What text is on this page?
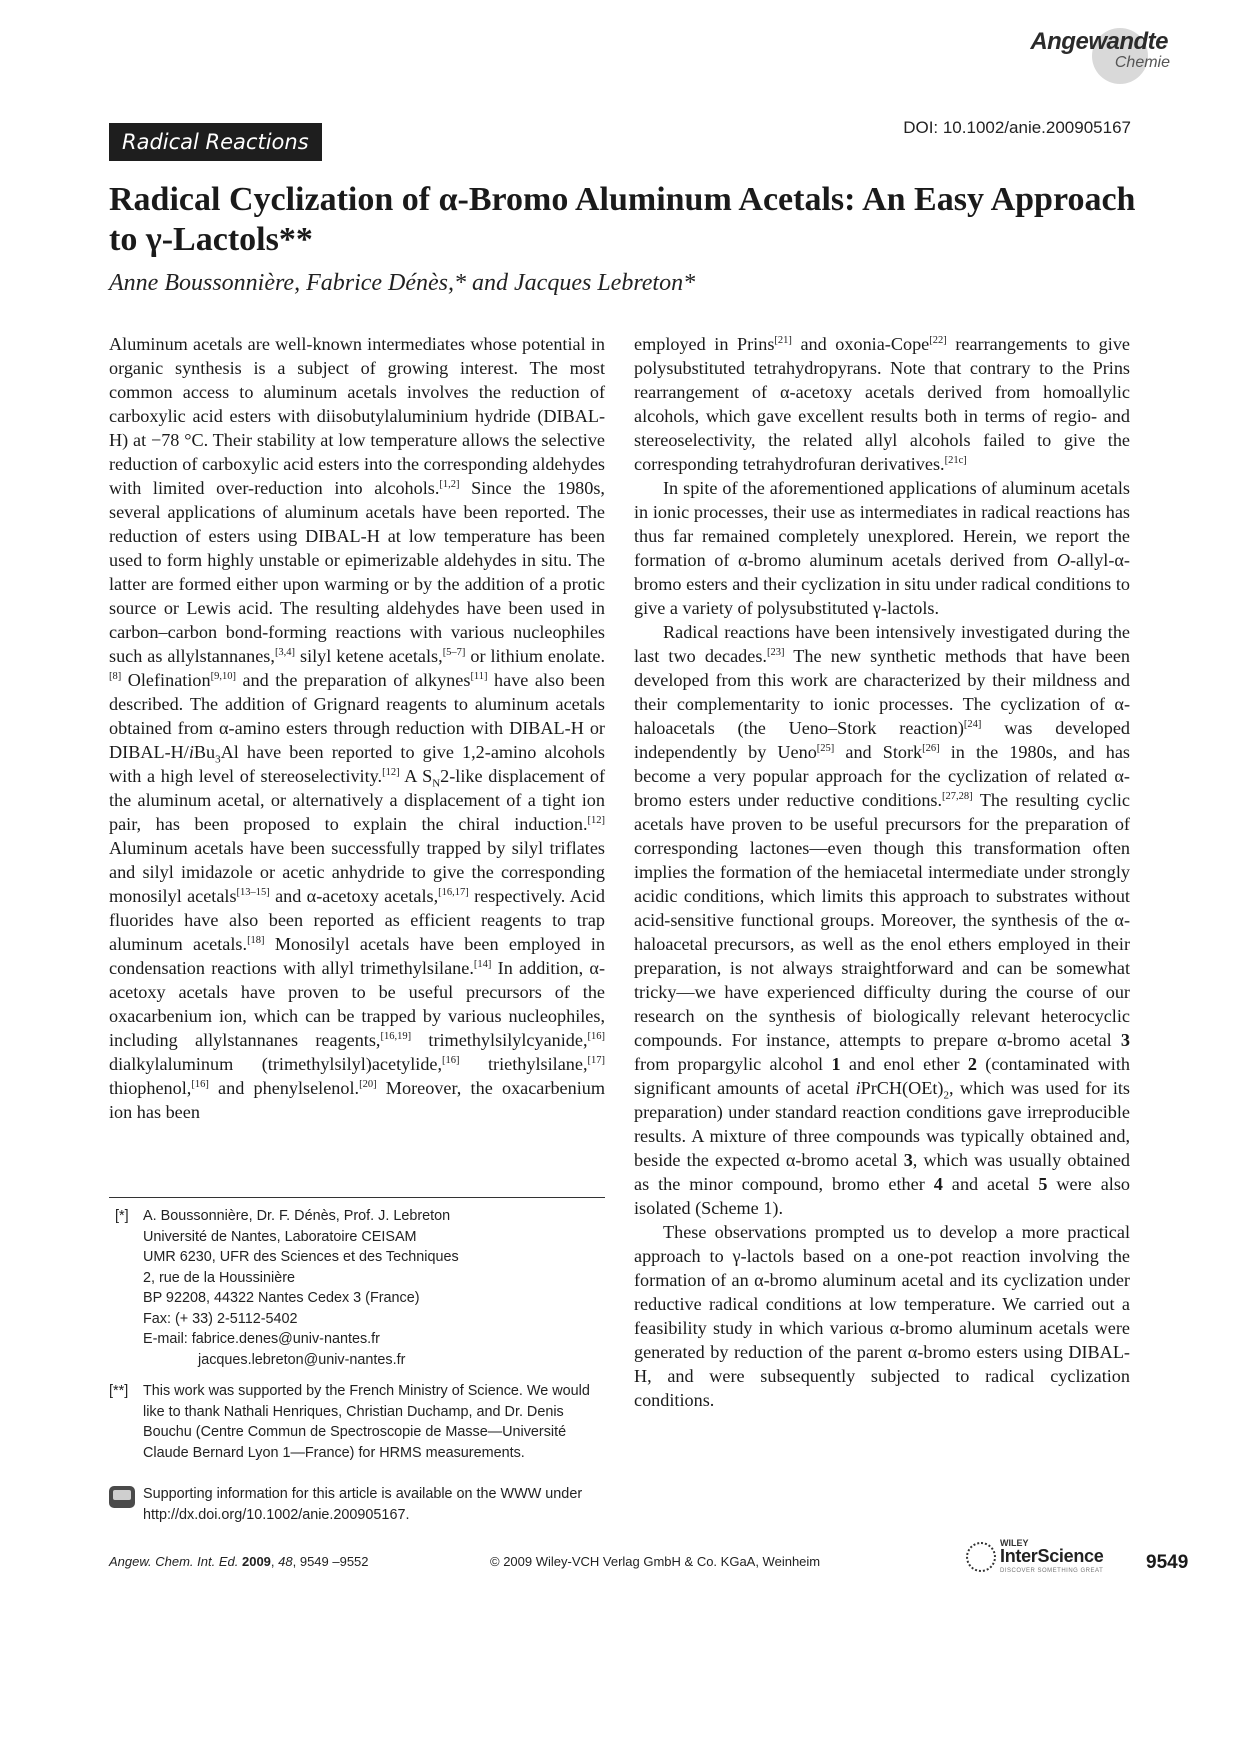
Angewandte
Chemie
Radical Reactions
DOI: 10.1002/anie.200905167
Radical Cyclization of α-Bromo Aluminum Acetals: An Easy Approach to γ-Lactols**
Anne Boussonnière, Fabrice Dénès,* and Jacques Lebreton*

Aluminum acetals are well-known intermediates whose potential in organic synthesis is a subject of growing interest. The most common access to aluminum acetals involves the reduction of carboxylic acid esters with diisobutylaluminium hydride (DIBAL-H) at −78 °C. Their stability at low temperature allows the selective reduction of carboxylic acid esters into the corresponding aldehydes with limited over-reduction into alcohols.[1,2] Since the 1980s, several applications of aluminum acetals have been reported. The reduction of esters using DIBAL-H at low temperature has been used to form highly unstable or epimerizable aldehydes in situ. The latter are formed either upon warming or by the addition of a protic source or Lewis acid. The resulting aldehydes have been used in carbon–carbon bond-forming reactions with various nucleophiles such as allylstannanes,[3,4] silyl ketene acetals,[5–7] or lithium enolate.[8] Olefination[9,10] and the preparation of alkynes[11] have also been described. The addition of Grignard reagents to aluminum acetals obtained from α-amino esters through reduction with DIBAL-H or DIBAL-H/iBu$_3$Al have been reported to give 1,2-amino alcohols with a high level of stereoselectivity.[12] A $S_N2$-like displacement of the aluminum acetal, or alternatively a displacement of a tight ion pair, has been proposed to explain the chiral induction.[12] Aluminum acetals have been successfully trapped by silyl triflates and silyl imidazole or acetic anhydride to give the corresponding monosilyl acetals[13–15] and α-acetoxy acetals,[16,17] respectively. Acid fluorides have also been reported as efficient reagents to trap aluminum acetals.[18] Monosilyl acetals have been employed in condensation reactions with allyl trimethylsilane.[14] In addition, α-acetoxy acetals have proven to be useful precursors of the oxacarbenium ion, which can be trapped by various nucleophiles, including allylstannanes reagents,[16,19] trimethylsilylcyanide,[16] dialkylaluminum (trimethylsilyl)acetylide,[16] triethylsilane,[17] thiophenol,[16] and phenylselenol.[20] Moreover, the oxacarbenium ion has been

employed in Prins[21] and oxonia-Cope[22] rearrangements to give polysubstituted tetrahydropyrans. Note that contrary to the Prins rearrangement of α-acetoxy acetals derived from homoallylic alcohols, which gave excellent results both in terms of regio- and stereoselectivity, the related allyl alcohols failed to give the corresponding tetrahydrofuran derivatives.[21c]

In spite of the aforementioned applications of aluminum acetals in ionic processes, their use as intermediates in radical reactions has thus far remained completely unexplored. Herein, we report the formation of α-bromo aluminum acetals derived from O-allyl-α-bromo esters and their cyclization in situ under radical conditions to give a variety of polysubstituted γ-lactols.

Radical reactions have been intensively investigated during the last two decades.[23] The new synthetic methods that have been developed from this work are characterized by their mildness and their complementarity to ionic processes. The cyclization of α-haloacetals (the Ueno–Stork reaction)[24] was developed independently by Ueno[25] and Stork[26] in the 1980s, and has become a very popular approach for the cyclization of related α-bromo esters under reductive conditions.[27,28] The resulting cyclic acetals have proven to be useful precursors for the preparation of corresponding lactones—even though this transformation often implies the formation of the hemiacetal intermediate under strongly acidic conditions, which limits this approach to substrates without acid-sensitive functional groups. Moreover, the synthesis of the α-haloacetal precursors, as well as the enol ethers employed in their preparation, is not always straightforward and can be somewhat tricky—we have experienced difficulty during the course of our research on the synthesis of biologically relevant heterocyclic compounds. For instance, attempts to prepare α-bromo acetal 3 from propargylic alcohol 1 and enol ether 2 (contaminated with significant amounts of acetal $iPrCH(OEt)_2$, which was used for its preparation) under standard reaction conditions gave irreproducible results. A mixture of three compounds was typically obtained and, beside the expected α-bromo acetal 3, which was usually obtained as the minor compound, bromo ether 4 and acetal 5 were also isolated (Scheme 1).

These observations prompted us to develop a more practical approach to γ-lactols based on a one-pot reaction involving the formation of an α-bromo aluminum acetal and its cyclization under reductive radical conditions at low temperature. We carried out a feasibility study in which various α-bromo aluminum acetals were generated by reduction of the parent α-bromo esters using DIBAL-H, and were subsequently subjected to radical cyclization conditions.

[*] A. Boussonnière, Dr. F. Dénès, Prof. J. Lebreton
Université de Nantes, Laboratoire CEISAM
UMR 6230, UFR des Sciences et des Techniques
2, rue de la Houssinière
BP 92208, 44322 Nantes Cedex 3 (France)
Fax: (+ 33) 2-5112-5402
E-mail: fabrice.denes@univ-nantes.fr
jacques.lebreton@univ-nantes.fr
[**] This work was supported by the French Ministry of Science. We would like to thank Nathali Henriques, Christian Duchamp, and Dr. Denis Bouchu (Centre Commun de Spectroscopie de Masse—Université Claude Bernard Lyon 1—France) for HRMS measurements.
Supporting information for this article is available on the WWW under http://dx.doi.org/10.1002/anie.200905167.
Angew. Chem. Int. Ed. 2009, 48, 9549 –9552	© 2009 Wiley-VCH Verlag GmbH & Co. KGaA, Weinheim
WILEY
InterScience
DISCOVER SOMETHING GREAT 9549
